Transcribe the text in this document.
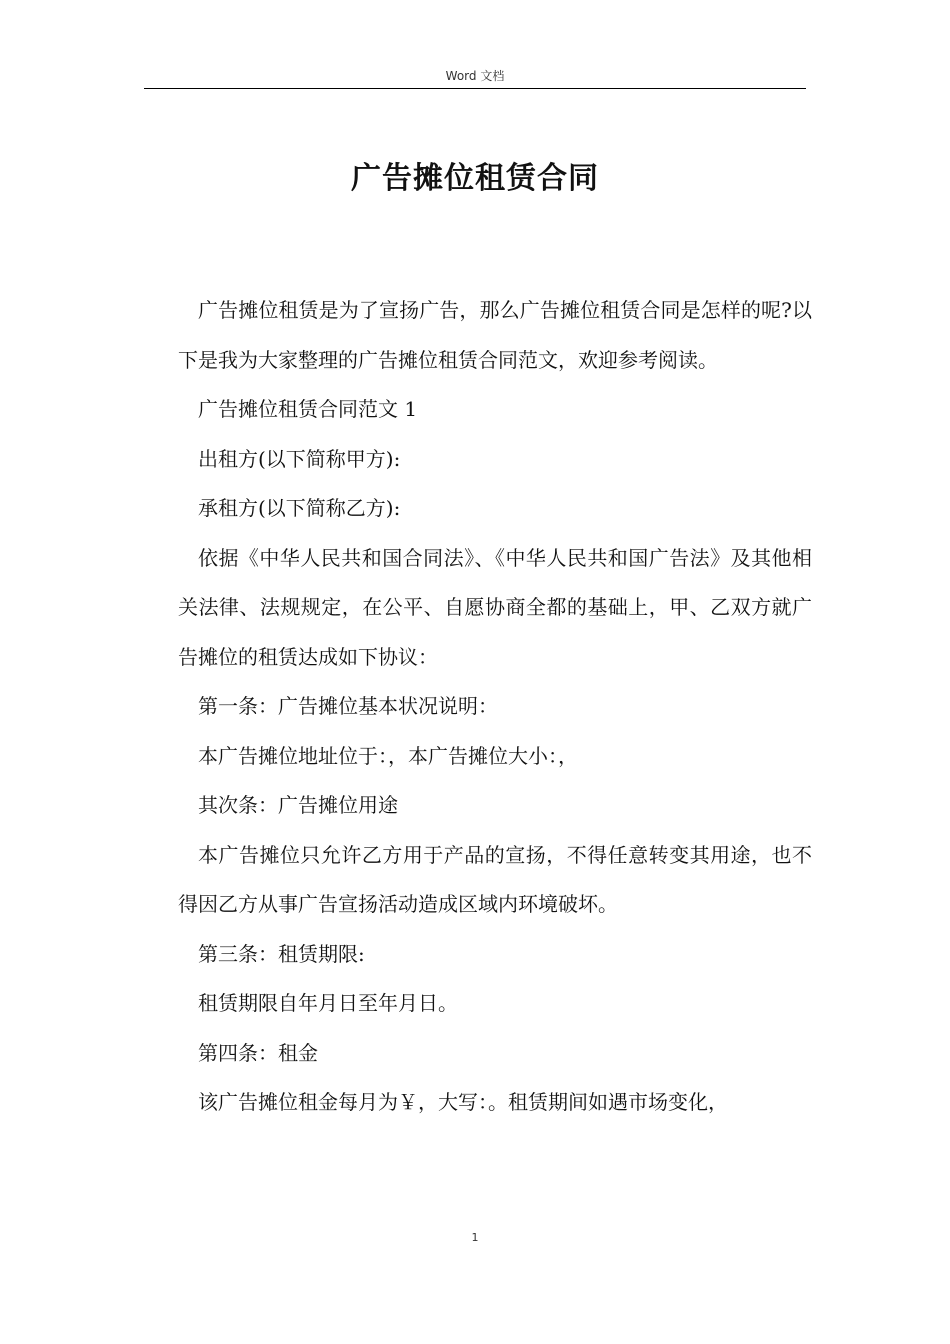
Word 文档
广告摊位租赁合同

广告摊位租赁是为了宣扬广告，那么广告摊位租赁合同是怎样的呢?以下是我为大家整理的广告摊位租赁合同范文，欢迎参考阅读。

广告摊位租赁合同范文 1

出租方(以下简称甲方):

承租方(以下简称乙方):

依据《中华人民共和国合同法》、《中华人民共和国广告法》及其他相关法律、法规规定，在公平、自愿协商全都的基础上，甲、乙双方就广告摊位的租赁达成如下协议：

第一条：广告摊位基本状况说明：

本广告摊位地址位于：，本广告摊位大小：，

其次条：广告摊位用途

本广告摊位只允许乙方用于产品的宣扬，不得任意转变其用途，也不得因乙方从事广告宣扬活动造成区域内环境破坏。

第三条：租赁期限:

租赁期限自年月日至年月日。

第四条：租金

该广告摊位租金每月为￥，大写：。租赁期间如遇市场变化，

1
